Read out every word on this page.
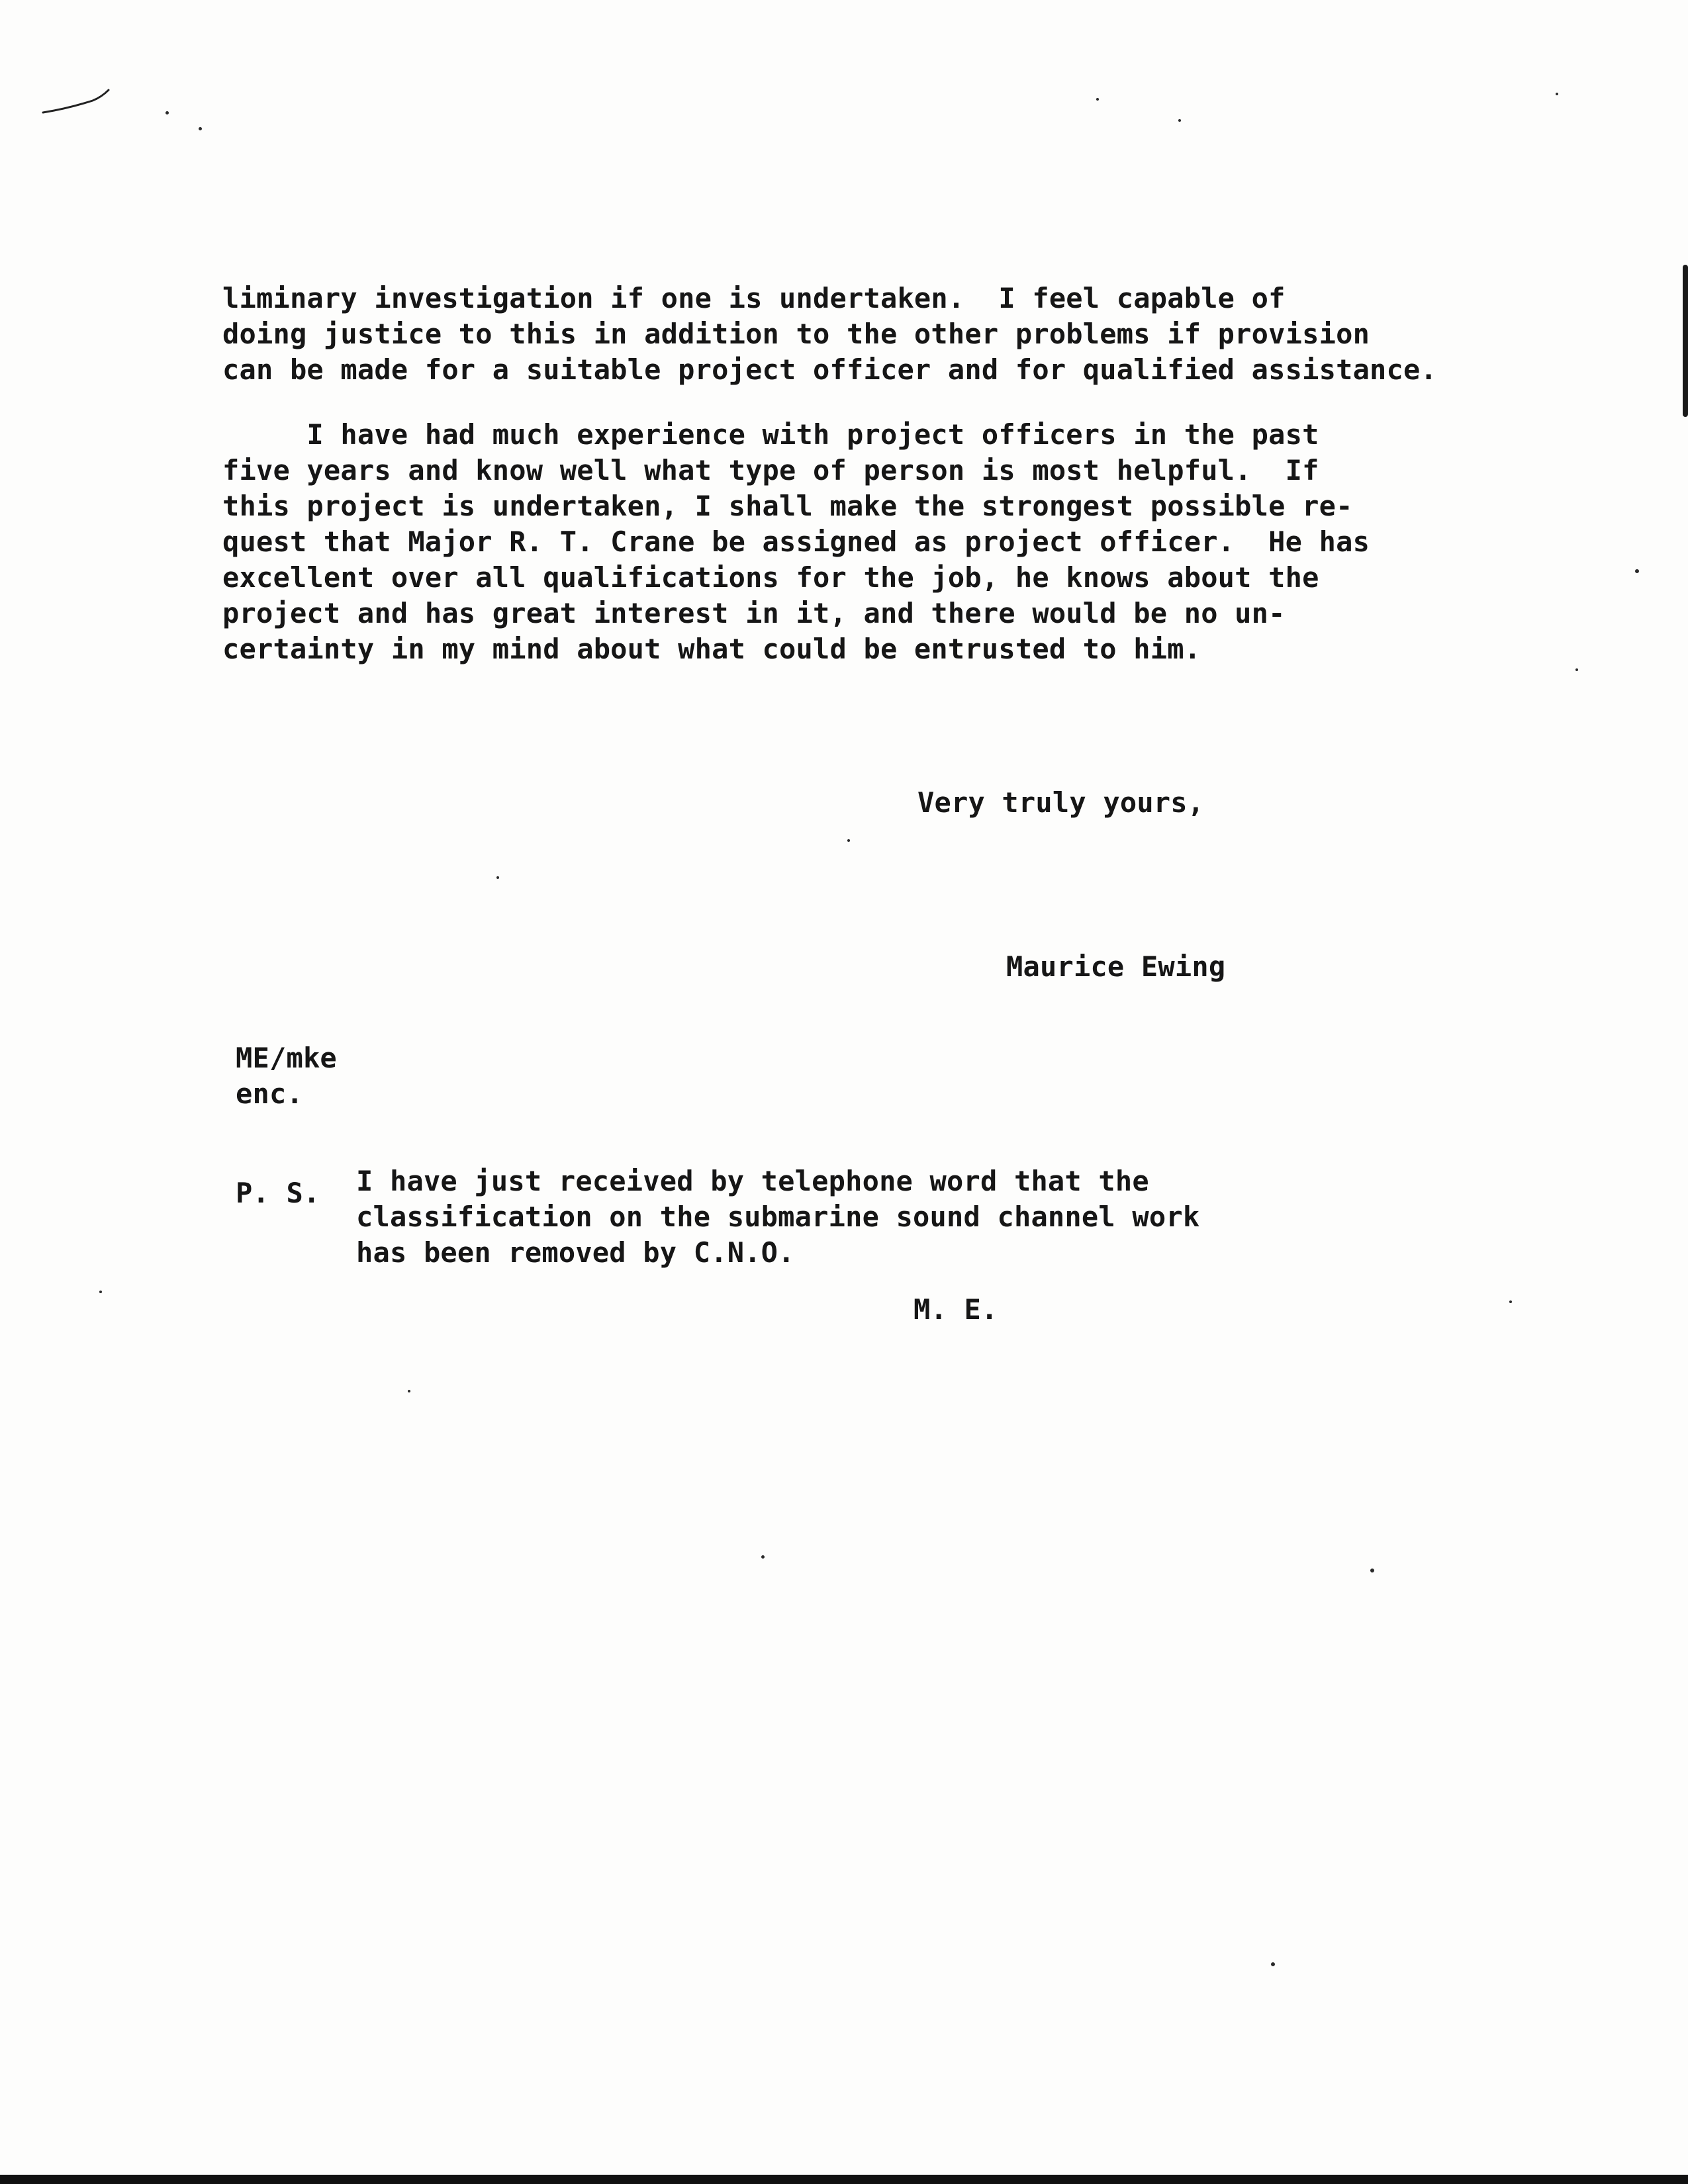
liminary investigation if one is undertaken.  I feel capable of
doing justice to this in addition to the other problems if provision
can be made for a suitable project officer and for qualified assistance.
I have had much experience with project officers in the past
five years and know well what type of person is most helpful.  If
this project is undertaken, I shall make the strongest possible re-
quest that Major R. T. Crane be assigned as project officer.  He has
excellent over all qualifications for the job, he knows about the
project and has great interest in it, and there would be no un-
certainty in my mind about what could be entrusted to him.
Very truly yours,
Maurice Ewing
ME/mke
enc.
P. S. I have just received by telephone word that the
classification on the submarine sound channel work
has been removed by C.N.O.
M. E.
